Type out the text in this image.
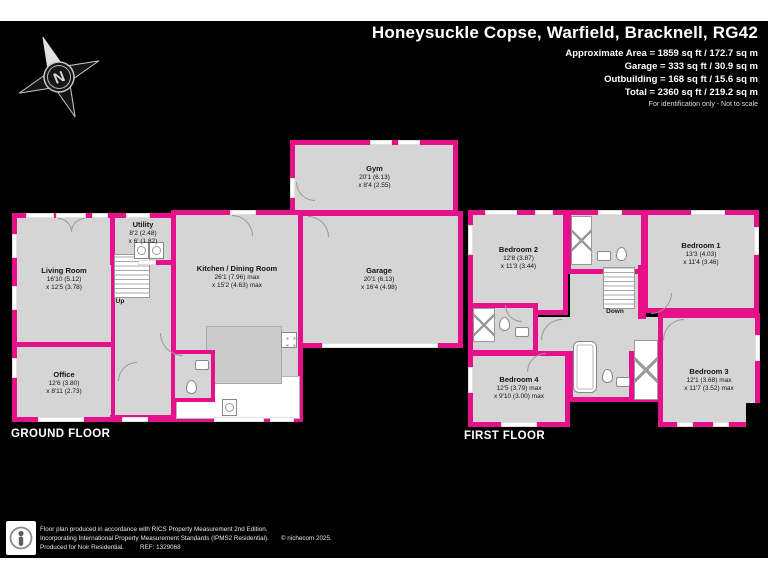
Honeysuckle Copse, Warfield, Bracknell, RG42
Approximate Area = 1859 sq ft / 172.7 sq m
Garage = 333 sq ft / 30.9 sq m
Outbuilding = 168 sq ft / 15.6 sq m
Total = 2360 sq ft / 219.2 sq m
For identification only - Not to scale
N
Up
Living Room
16'10 (5.12)
x 12'5 (3.78)
Utility
8'2 (2.48)
x 6' (1.82)
Kitchen / Dining Room
26'1 (7.96) max
x 15'2 (4.63) max
Office
12'6 (3.80)
x 8'11 (2.73)
Gym
20'1 (6.13)
x 8'4 (2.55)
Garage
20'1 (6.13)
x 16'4 (4.98)
GROUND FLOOR
Down
Bedroom 2
12'8 (3.87)
x 11'3 (3.44)
Bedroom 1
13'3 (4.03)
x 11'4 (3.46)
Bedroom 4
12'5 (3.79) max
x 9'10 (3.00) max
Bedroom 3
12'1 (3.68) max
x 11'7 (3.52) max
FIRST FLOOR
Floor plan produced in accordance with RICS Property Measurement 2nd Edition.
Incorporating International Property Measurement Standards (IPMS2 Residential). © nichecom 2025.
Produced for Noir Residential.	REF: 1329068
